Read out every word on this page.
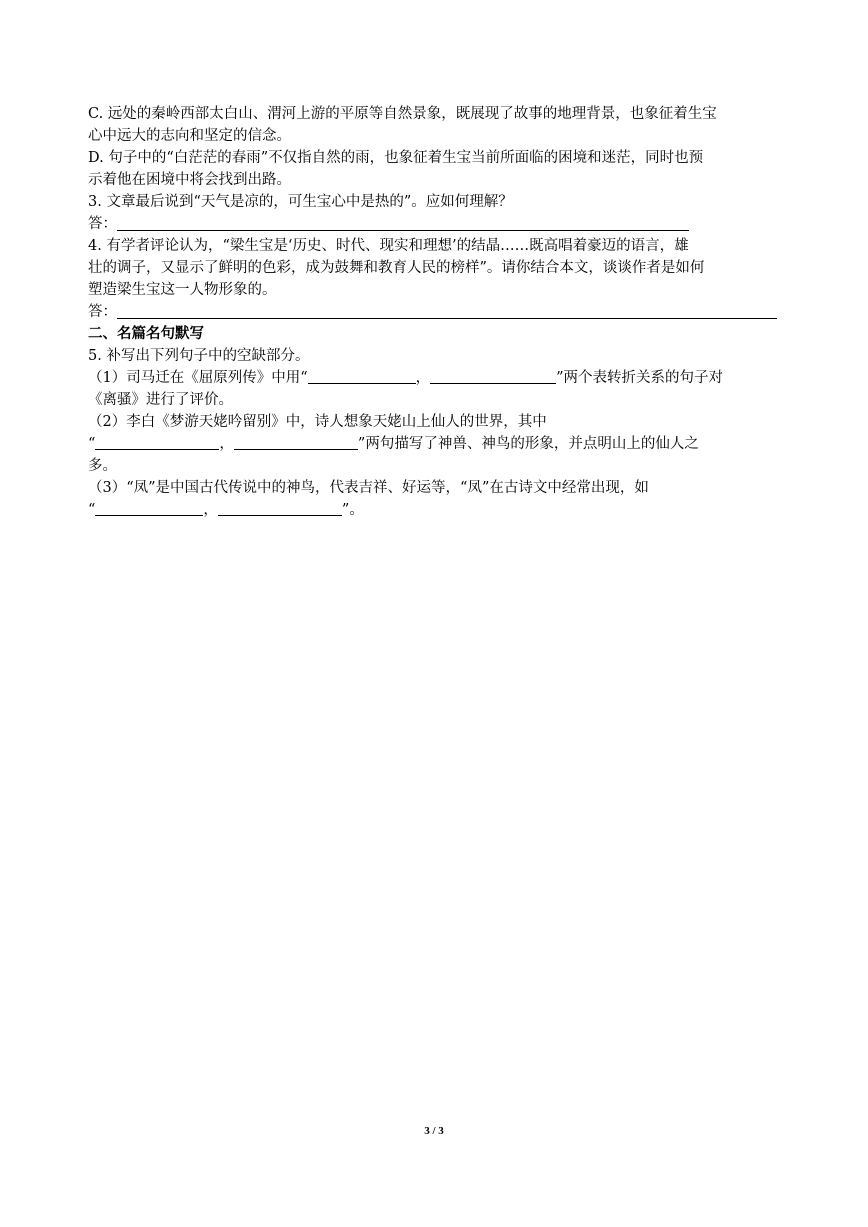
C. 远处的秦岭西部太白山、渭河上游的平原等自然景象，既展现了故事的地理背景，也象征着生宝

心中远大的志向和坚定的信念。

D. 句子中的“白茫茫的春雨”不仅指自然的雨，也象征着生宝当前所面临的困境和迷茫，同时也预

示着他在困境中将会找到出路。

3. 文章最后说到“天气是凉的，可生宝心中是热的”。应如何理解？

答：

4. 有学者评论认为，“梁生宝是‘历史、时代、现实和理想’的结晶……既高唱着豪迈的语言，雄

壮的调子，又显示了鲜明的色彩，成为鼓舞和教育人民的榜样”。请你结合本文，谈谈作者是如何

塑造梁生宝这一人物形象的。

答：

二、名篇名句默写

5. 补写出下列句子中的空缺部分。

（1）司马迁在《屈原列传》中用“	，	”两个表转折关系的句子对

《离骚》进行了评价。

（2）李白《梦游天姥吟留别》中，诗人想象天姥山上仙人的世界，其中

“	，	”两句描写了神兽、神鸟的形象，并点明山上的仙人之

多。

（3）“凤”是中国古代传说中的神鸟，代表吉祥、好运等，“凤”在古诗文中经常出现，如

“	，	”。

3 / 3
